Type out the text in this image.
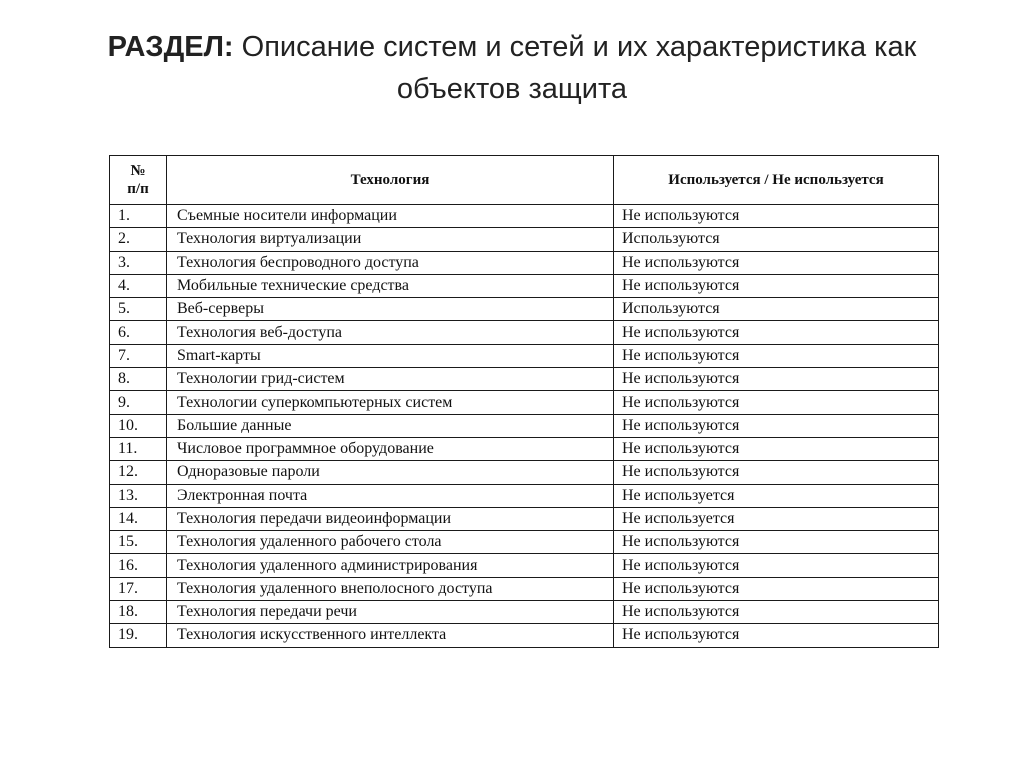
РАЗДЕЛ: Описание систем и сетей и их характеристика как
объектов защита
№
п/п	Технология	Используется / Не используется
1.	Съемные носители информации	Не используются
2.	Технология виртуализации	Используются
3.	Технология беспроводного доступа	Не используются
4.	Мобильные технические средства	Не используются
5.	Веб-серверы	Используются
6.	Технология веб-доступа	Не используются
7.	Smart-карты	Не используются
8.	Технологии грид-систем	Не используются
9.	Технологии суперкомпьютерных систем	Не используются
10.	Большие данные	Не используются
11.	Числовое программное оборудование	Не используются
12.	Одноразовые пароли	Не используются
13.	Электронная почта	Не используется
14.	Технология передачи видеоинформации	Не используется
15.	Технология удаленного рабочего стола	Не используются
16.	Технология удаленного администрирования	Не используются
17.	Технология удаленного внеполосного доступа	Не используются
18.	Технология передачи речи	Не используются
19.	Технология искусственного интеллекта	Не используются
